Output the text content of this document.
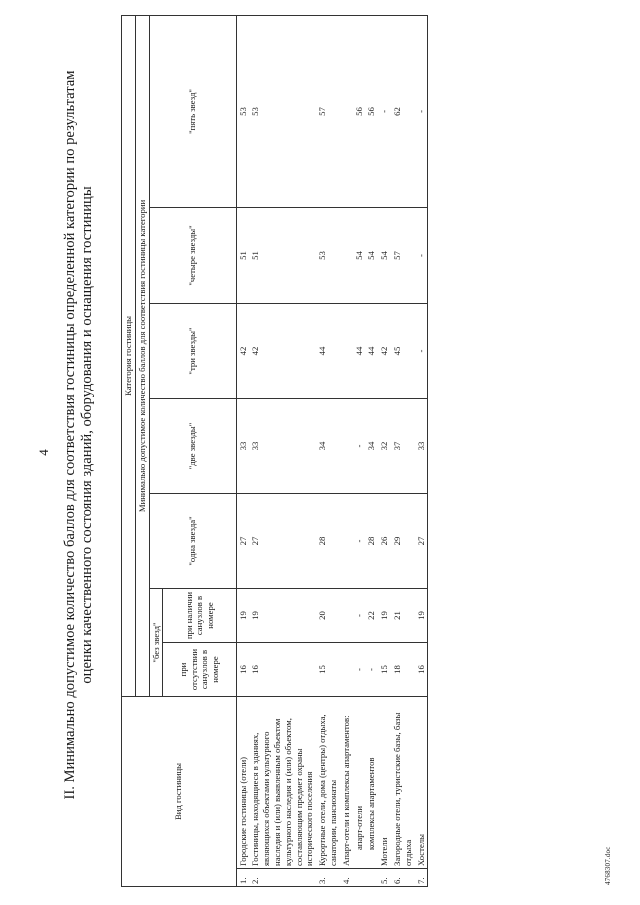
4 II. Минимально допустимое количество баллов для соответствия гостиницы определенной категории по результатам оценки качественного состояния зданий, оборудования и оснащения гостиницы
Вид гостиницы		Категория гостиницы						
		Минимально допустимое количество баллов для соответствия гостиницы категории						
		"без звезд"		"одна звезда"	"две звезды"	"три звезды"	"четыре звезды"	"пять звезд"
		при отсутствии санузлов в номере	при наличии санузлов в номере					

1.	Городские гостиницы (отели)	16	19	27	33	42	51	53
2.	Гостиницы, находящиеся в зданиях, являющихся объектами культурного наследия и (или) выявленным объектом культурного наследия и (или) объектом, составляющим предмет охраны исторического поселения	16	19	27	33	42	51	53
3.	Курортные отели, дома (центры) отдыха, санатории, пансионаты	15	20	28	34	44	53	57
4.	Апарт-отели и комплексы апартаментов:							
	апарт-отели	-	-	-	-	44	54	56
	комплексы апартаментов	-	22	28	34	44	54	56
5.	Мотели	15	19	26	32	42	54	-
6.	Загородные отели, туристские базы, базы отдыха	18	21	29	37	45	57	62
7.	Хостелы	16	19	27	33	-	-	-
4768307.doc
